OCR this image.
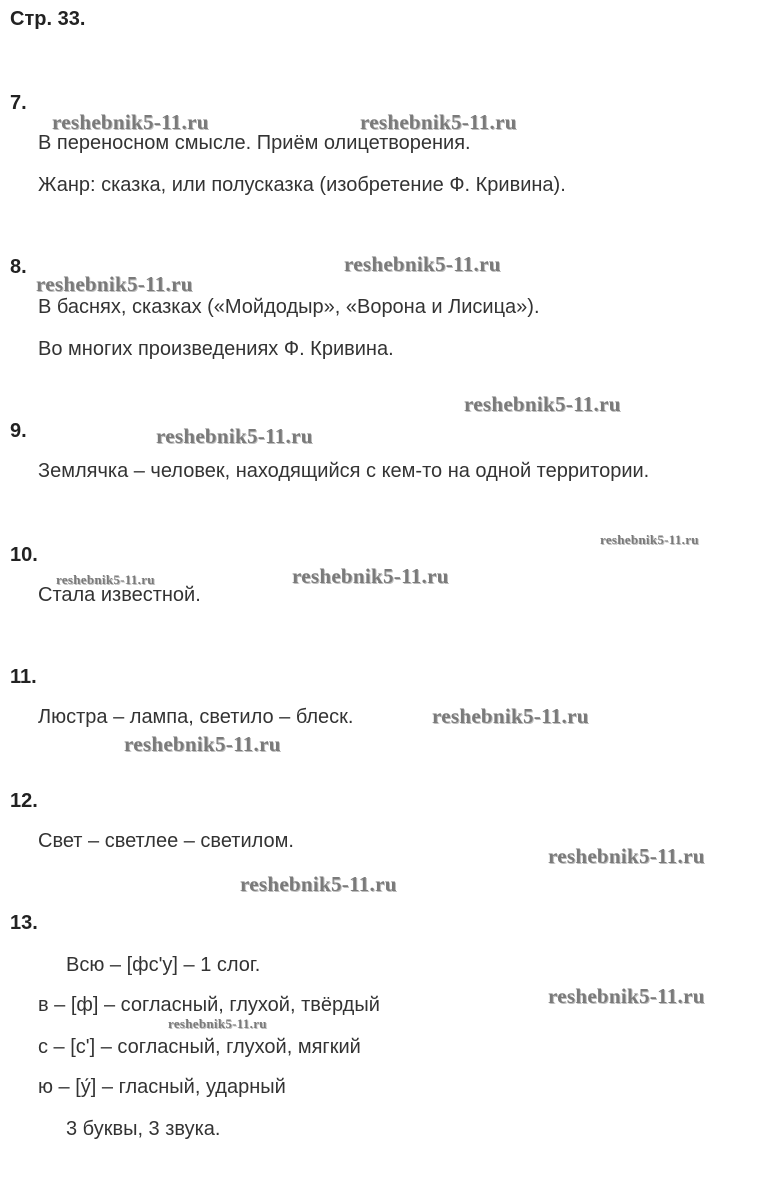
Стр. 33.
7.
В переносном смысле. Приём олицетворения.
Жанр: сказка, или полусказка (изобретение Ф. Кривина).
8.
В баснях, сказках («Мойдодыр», «Ворона и Лисица»).
Во многих произведениях Ф. Кривина.
9.
Землячка – человек, находящийся с кем-то на одной территории.
10.
Стала известной.
11.
Люстра – лампа, светило – блеск.
12.
Свет – светлее – светилом.
13.
Всю – [фс'у] – 1 слог.
в – [ф] – согласный, глухой, твёрдый
с – [с'] – согласный, глухой, мягкий
ю – [у́] – гласный, ударный
3 буквы, 3 звука.
reshebnik5-11.ru	reshebnik5-11.ru
reshebnik5-11.ru
reshebnik5-11.ru
reshebnik5-11.ru
reshebnik5-11.ru
reshebnik5-11.ru
reshebnik5-11.ru
reshebnik5-11.ru
reshebnik5-11.ru
reshebnik5-11.ru
reshebnik5-11.ru
reshebnik5-11.ru
reshebnik5-11.ru
reshebnik5-11.ru
